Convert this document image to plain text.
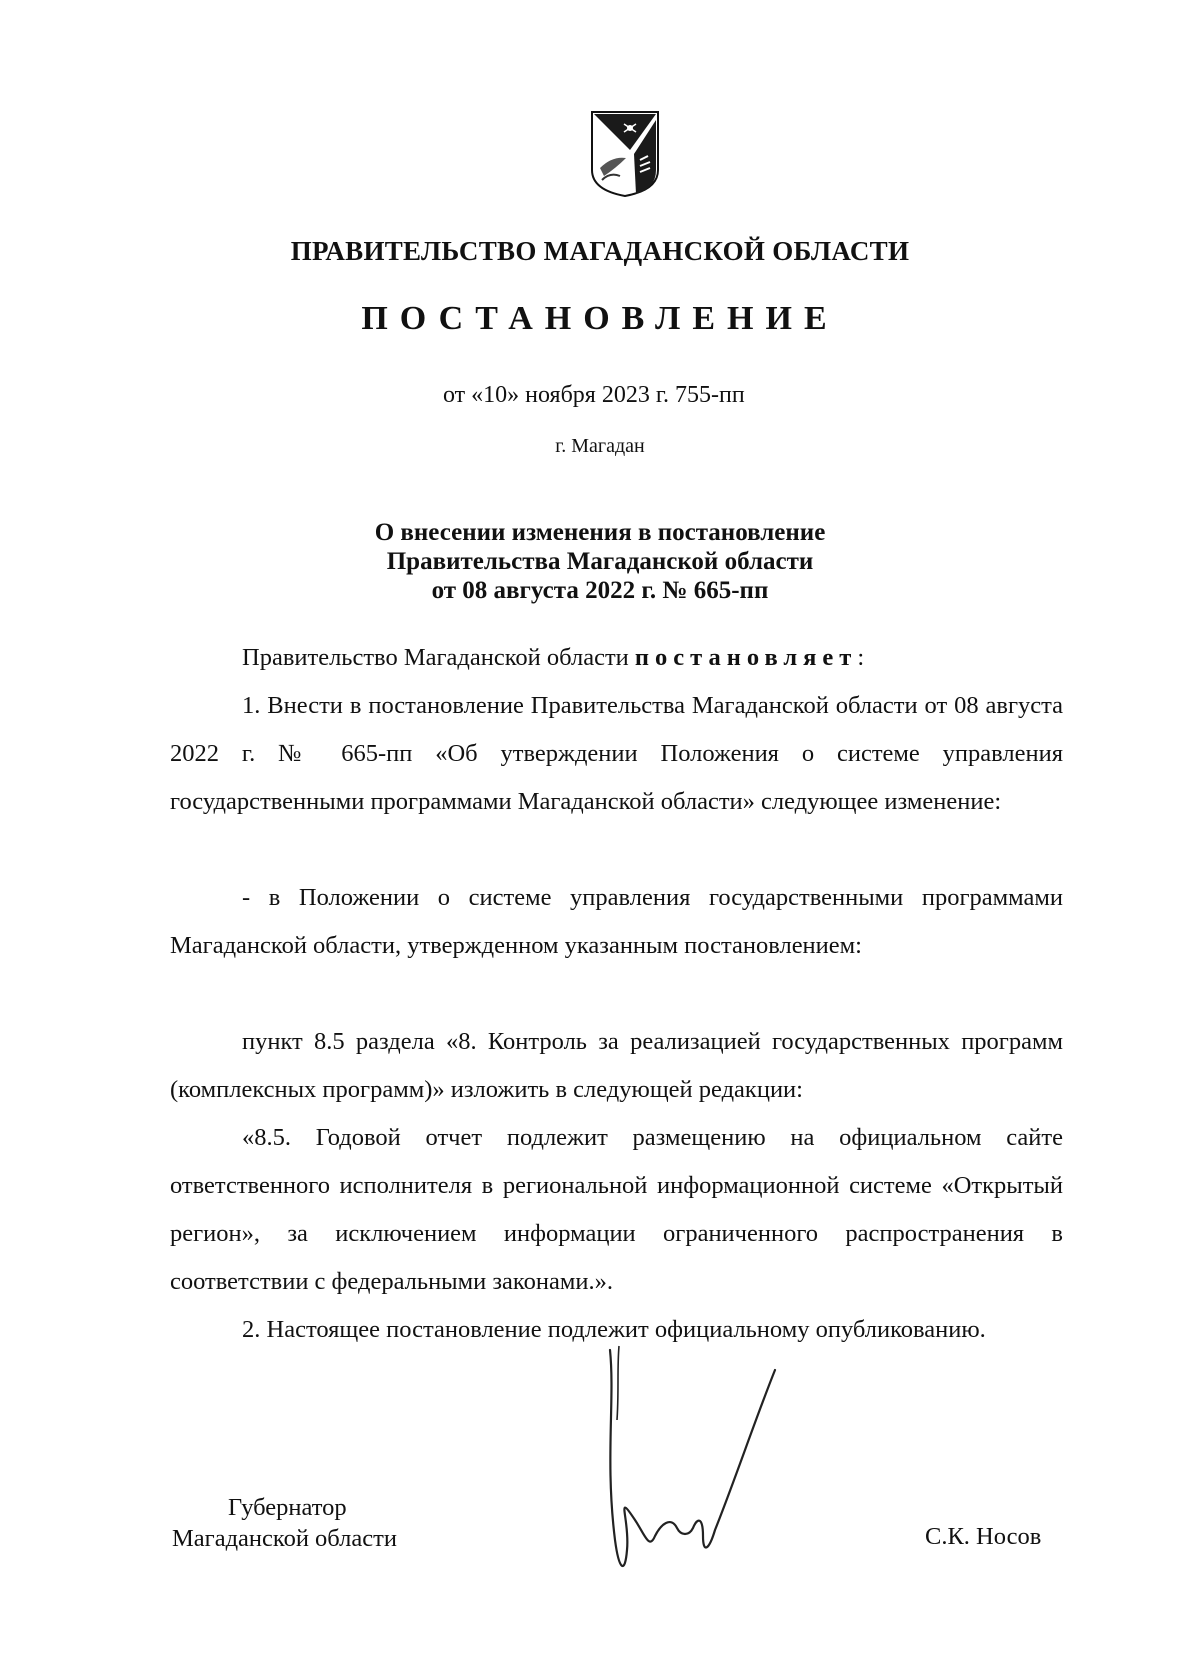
ПРАВИТЕЛЬСТВО МАГАДАНСКОЙ ОБЛАСТИ
ПОСТАНОВЛЕНИЕ
от «10» ноября 2023 г. 755-пп
г. Магадан
О внесении изменения в постановление
Правительства Магаданской области
от 08 августа 2022 г. № 665-пп
Правительство Магаданской области постановляет:
1. Внести в постановление Правительства Магаданской области от 08 августа 2022 г. № 665-пп «Об утверждении Положения о системе управления государственными программами Магаданской области» следующее изменение:
- в Положении о системе управления государственными программами Магаданской области, утвержденном указанным постановлением:
пункт 8.5 раздела «8. Контроль за реализацией государственных программ (комплексных программ)» изложить в следующей редакции:
«8.5. Годовой отчет подлежит размещению на официальном сайте ответственного исполнителя в региональной информационной системе «Открытый регион», за исключением информации ограниченного распространения в соответствии с федеральными законами.».
2. Настоящее постановление подлежит официальному опубликованию.
Губернатор
Магаданской области	С.К. Носов
